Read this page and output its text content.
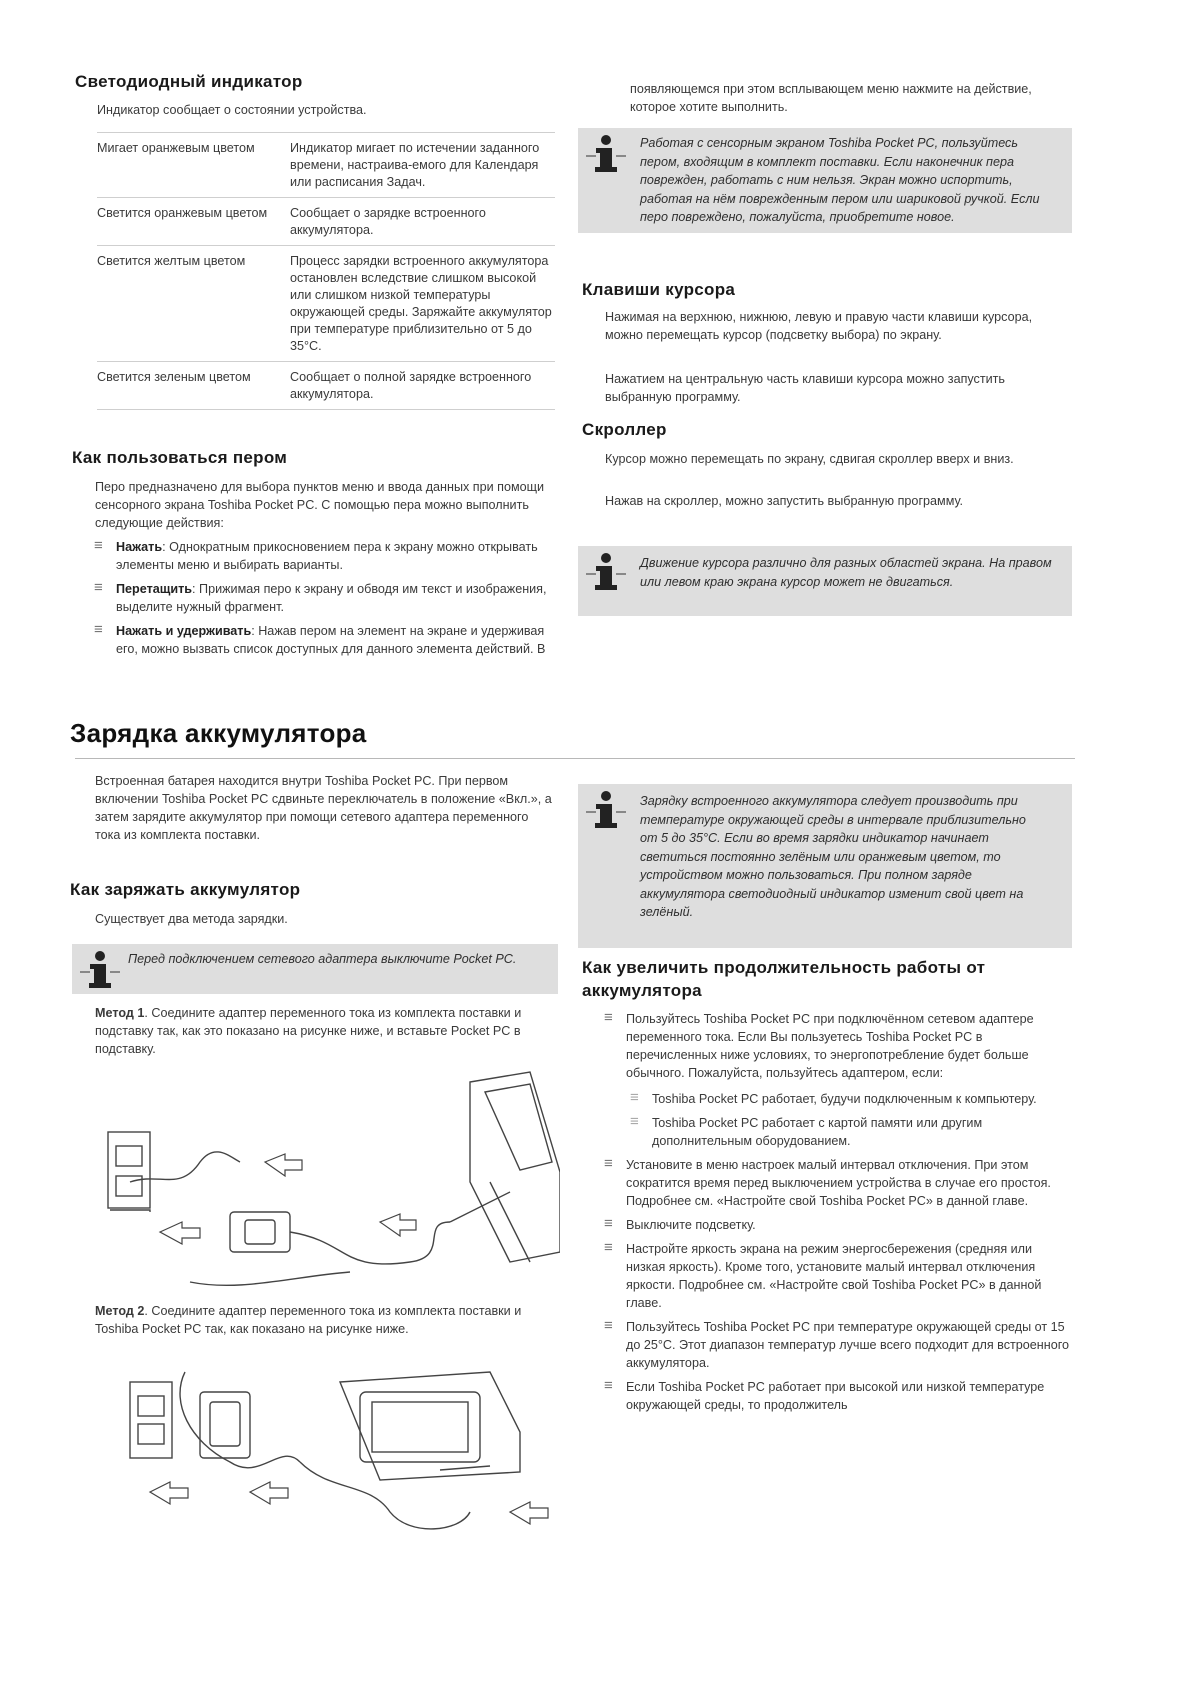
Светодиодный индикатор
Индикатор сообщает о состоянии устройства.
Мигает оранжевым цветом	Индикатор мигает по истечении заданного времени, настраива-емого для Календаря или расписания Задач.
Светится оранжевым цветом	Сообщает о зарядке встроенного аккумулятора.
Светится желтым цветом	Процесс зарядки встроенного аккумулятора остановлен вследствие слишком высокой или слишком низкой температуры окружающей среды. Заряжайте аккумулятор при температуре приблизительно от 5 до 35°С.
Светится зеленым цветом	Сообщает о полной зарядке встроенного аккумулятора.
Как пользоваться пером
Перо предназначено для выбора пунктов меню и ввода данных при помощи сенсорного экрана Toshiba Pocket PC. С помощью пера можно выполнить следующие действия:
≡ Нажать: Однократным прикосновением пера к экрану можно открывать элементы меню и выбирать варианты.
≡ Перетащить: Прижимая перо к экрану и обводя им текст и изображения, выделите нужный фрагмент.
≡ Нажать и удерживать: Нажав пером на элемент на экране и удерживая его, можно вызвать список доступных для данного элемента действий. В
появляющемся при этом всплывающем меню нажмите на действие, которое хотите выполнить.
Работая с сенсорным экраном Toshiba Pocket PC, пользуйтесь пером, входящим в комплект поставки. Если наконечник пера поврежден, работать с ним нельзя. Экран можно испортить, работая на нём поврежденным пером или шариковой ручкой. Если перо повреждено, пожалуйста, приобретите новое.
Клавиши курсора
Нажимая на верхнюю, нижнюю, левую и правую части клавиши курсора, можно перемещать курсор (подсветку выбора) по экрану.
Нажатием на центральную часть клавиши курсора можно запустить выбранную программу.
Скроллер
Курсор можно перемещать по экрану, сдвигая скроллер вверх и вниз.
Нажав на скроллер, можно запустить выбранную программу.
Движение курсора различно для разных областей экрана. На правом или левом краю экрана курсор может не двигаться.
Зарядка аккумулятора
Встроенная батарея находится внутри Toshiba Pocket PC. При первом включении Toshiba Pocket PC сдвиньте переключатель в положение «Вкл.», а затем зарядите аккумулятор при помощи сетевого адаптера переменного тока из комплекта поставки.
Как заряжать аккумулятор
Существует два метода зарядки.
Перед подключением сетевого адаптера выключите Pocket PC.
Метод 1. Соедините адаптер переменного тока из комплекта поставки и подставку так, как это показано на рисунке ниже, и вставьте Pocket PC в подставку.
Метод 2. Соедините адаптер переменного тока из комплекта поставки и Toshiba Pocket PC так, как показано на рисунке ниже.
Зарядку встроенного аккумулятора следует производить при температуре окружающей среды в интервале приблизительно от 5 до 35°С. Если во время зарядки индикатор начинает светиться постоянно зелёным или оранжевым цветом, то устройством можно пользоваться. При полном заряде аккумулятора светодиодный индикатор изменит свой цвет на зелёный.
Как увеличить продолжительность работы от аккумулятора
≡ Пользуйтесь Toshiba Pocket PC при подключённом сетевом адаптере переменного тока. Если Вы пользуетесь Toshiba Pocket PC в перечисленных ниже условиях, то энергопотребление будет больше обычного. Пожалуйста, пользуйтесь адаптером, если:
≡ Toshiba Pocket PC работает, будучи подключенным к компьютеру.
≡ Toshiba Pocket PC работает с картой памяти или другим дополнительным оборудованием.
≡ Установите в меню настроек малый интервал отключения. При этом сократится время перед выключением устройства в случае его простоя. Подробнее см. «Настройте свой Toshiba Pocket PC» в данной главе.
≡ Выключите подсветку.
≡ Настройте яркость экрана на режим энергосбережения (средняя или низкая яркость). Кроме того, установите малый интервал отключения яркости. Подробнее см. «Настройте свой Toshiba Pocket PC» в данной главе.
≡ Пользуйтесь Toshiba Pocket PC при температуре окружающей среды от 15 до 25°С. Этот диапазон температур лучше всего подходит для встроенного аккумулятора.
≡ Если Toshiba Pocket PC работает при высокой или низкой температуре окружающей среды, то продолжитель
